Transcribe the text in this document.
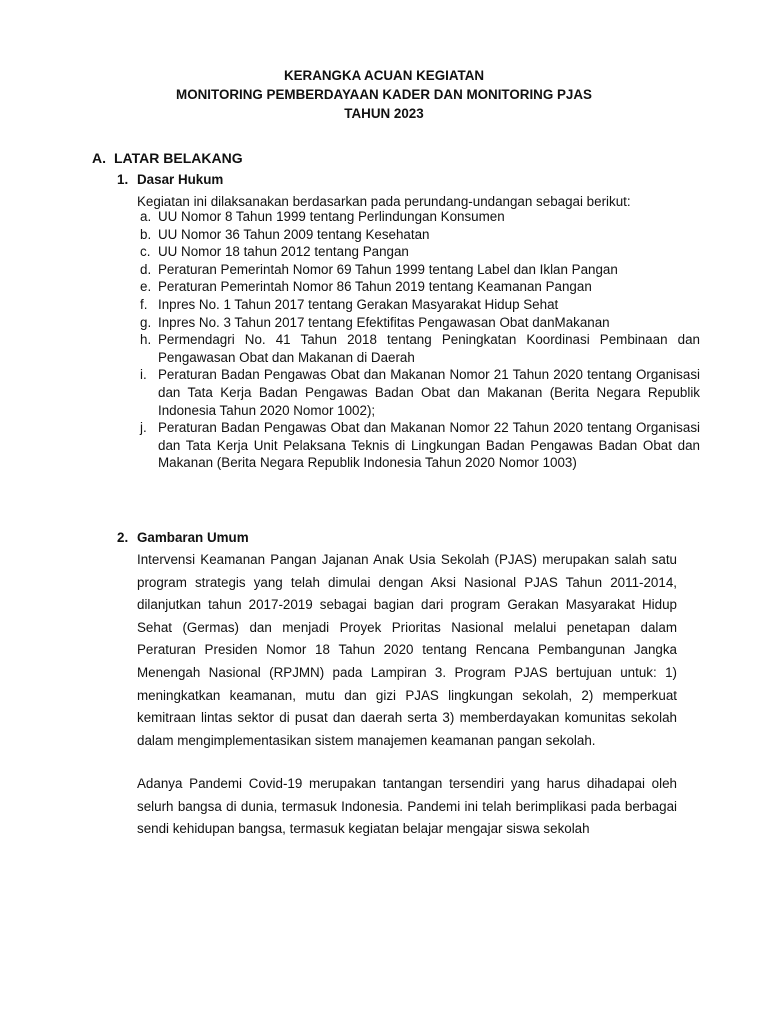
KERANGKA ACUAN KEGIATAN
MONITORING PEMBERDAYAAN KADER DAN MONITORING PJAS
TAHUN 2023
A. LATAR BELAKANG
1. Dasar Hukum
Kegiatan ini dilaksanakan berdasarkan pada perundang-undangan sebagai berikut:
a. UU Nomor 8 Tahun 1999 tentang Perlindungan Konsumen
b. UU Nomor 36 Tahun 2009 tentang Kesehatan
c. UU Nomor 18 tahun 2012 tentang Pangan
d. Peraturan Pemerintah Nomor 69 Tahun 1999 tentang Label dan Iklan Pangan
e. Peraturan Pemerintah Nomor 86 Tahun 2019 tentang Keamanan Pangan
f. Inpres No. 1 Tahun 2017 tentang Gerakan Masyarakat Hidup Sehat
g. Inpres No. 3 Tahun 2017 tentang Efektifitas Pengawasan Obat danMakanan
h. Permendagri No. 41 Tahun 2018 tentang Peningkatan Koordinasi Pembinaan dan Pengawasan Obat dan Makanan di Daerah
i. Peraturan Badan Pengawas Obat dan Makanan Nomor 21 Tahun 2020 tentang Organisasi dan Tata Kerja Badan Pengawas Badan Obat dan Makanan (Berita Negara Republik Indonesia Tahun 2020 Nomor 1002);
j. Peraturan Badan Pengawas Obat dan Makanan Nomor 22 Tahun 2020 tentang Organisasi dan Tata Kerja Unit Pelaksana Teknis di Lingkungan Badan Pengawas Badan Obat dan Makanan (Berita Negara Republik Indonesia Tahun 2020 Nomor 1003)
2. Gambaran Umum
Intervensi Keamanan Pangan Jajanan Anak Usia Sekolah (PJAS) merupakan salah satu program strategis yang telah dimulai dengan Aksi Nasional PJAS Tahun 2011-2014, dilanjutkan tahun 2017-2019 sebagai bagian dari program Gerakan Masyarakat Hidup Sehat (Germas) dan menjadi Proyek Prioritas Nasional melalui penetapan dalam Peraturan Presiden Nomor 18 Tahun 2020 tentang Rencana Pembangunan Jangka Menengah Nasional (RPJMN) pada Lampiran 3. Program PJAS bertujuan untuk: 1) meningkatkan keamanan, mutu dan gizi PJAS lingkungan sekolah, 2) memperkuat kemitraan lintas sektor di pusat dan daerah serta 3) memberdayakan komunitas sekolah dalam mengimplementasikan sistem manajemen keamanan pangan sekolah.
Adanya Pandemi Covid-19 merupakan tantangan tersendiri yang harus dihadapai oleh selurh bangsa di dunia, termasuk Indonesia. Pandemi ini telah berimplikasi pada berbagai sendi kehidupan bangsa, termasuk kegiatan belajar mengajar siswa sekolah
